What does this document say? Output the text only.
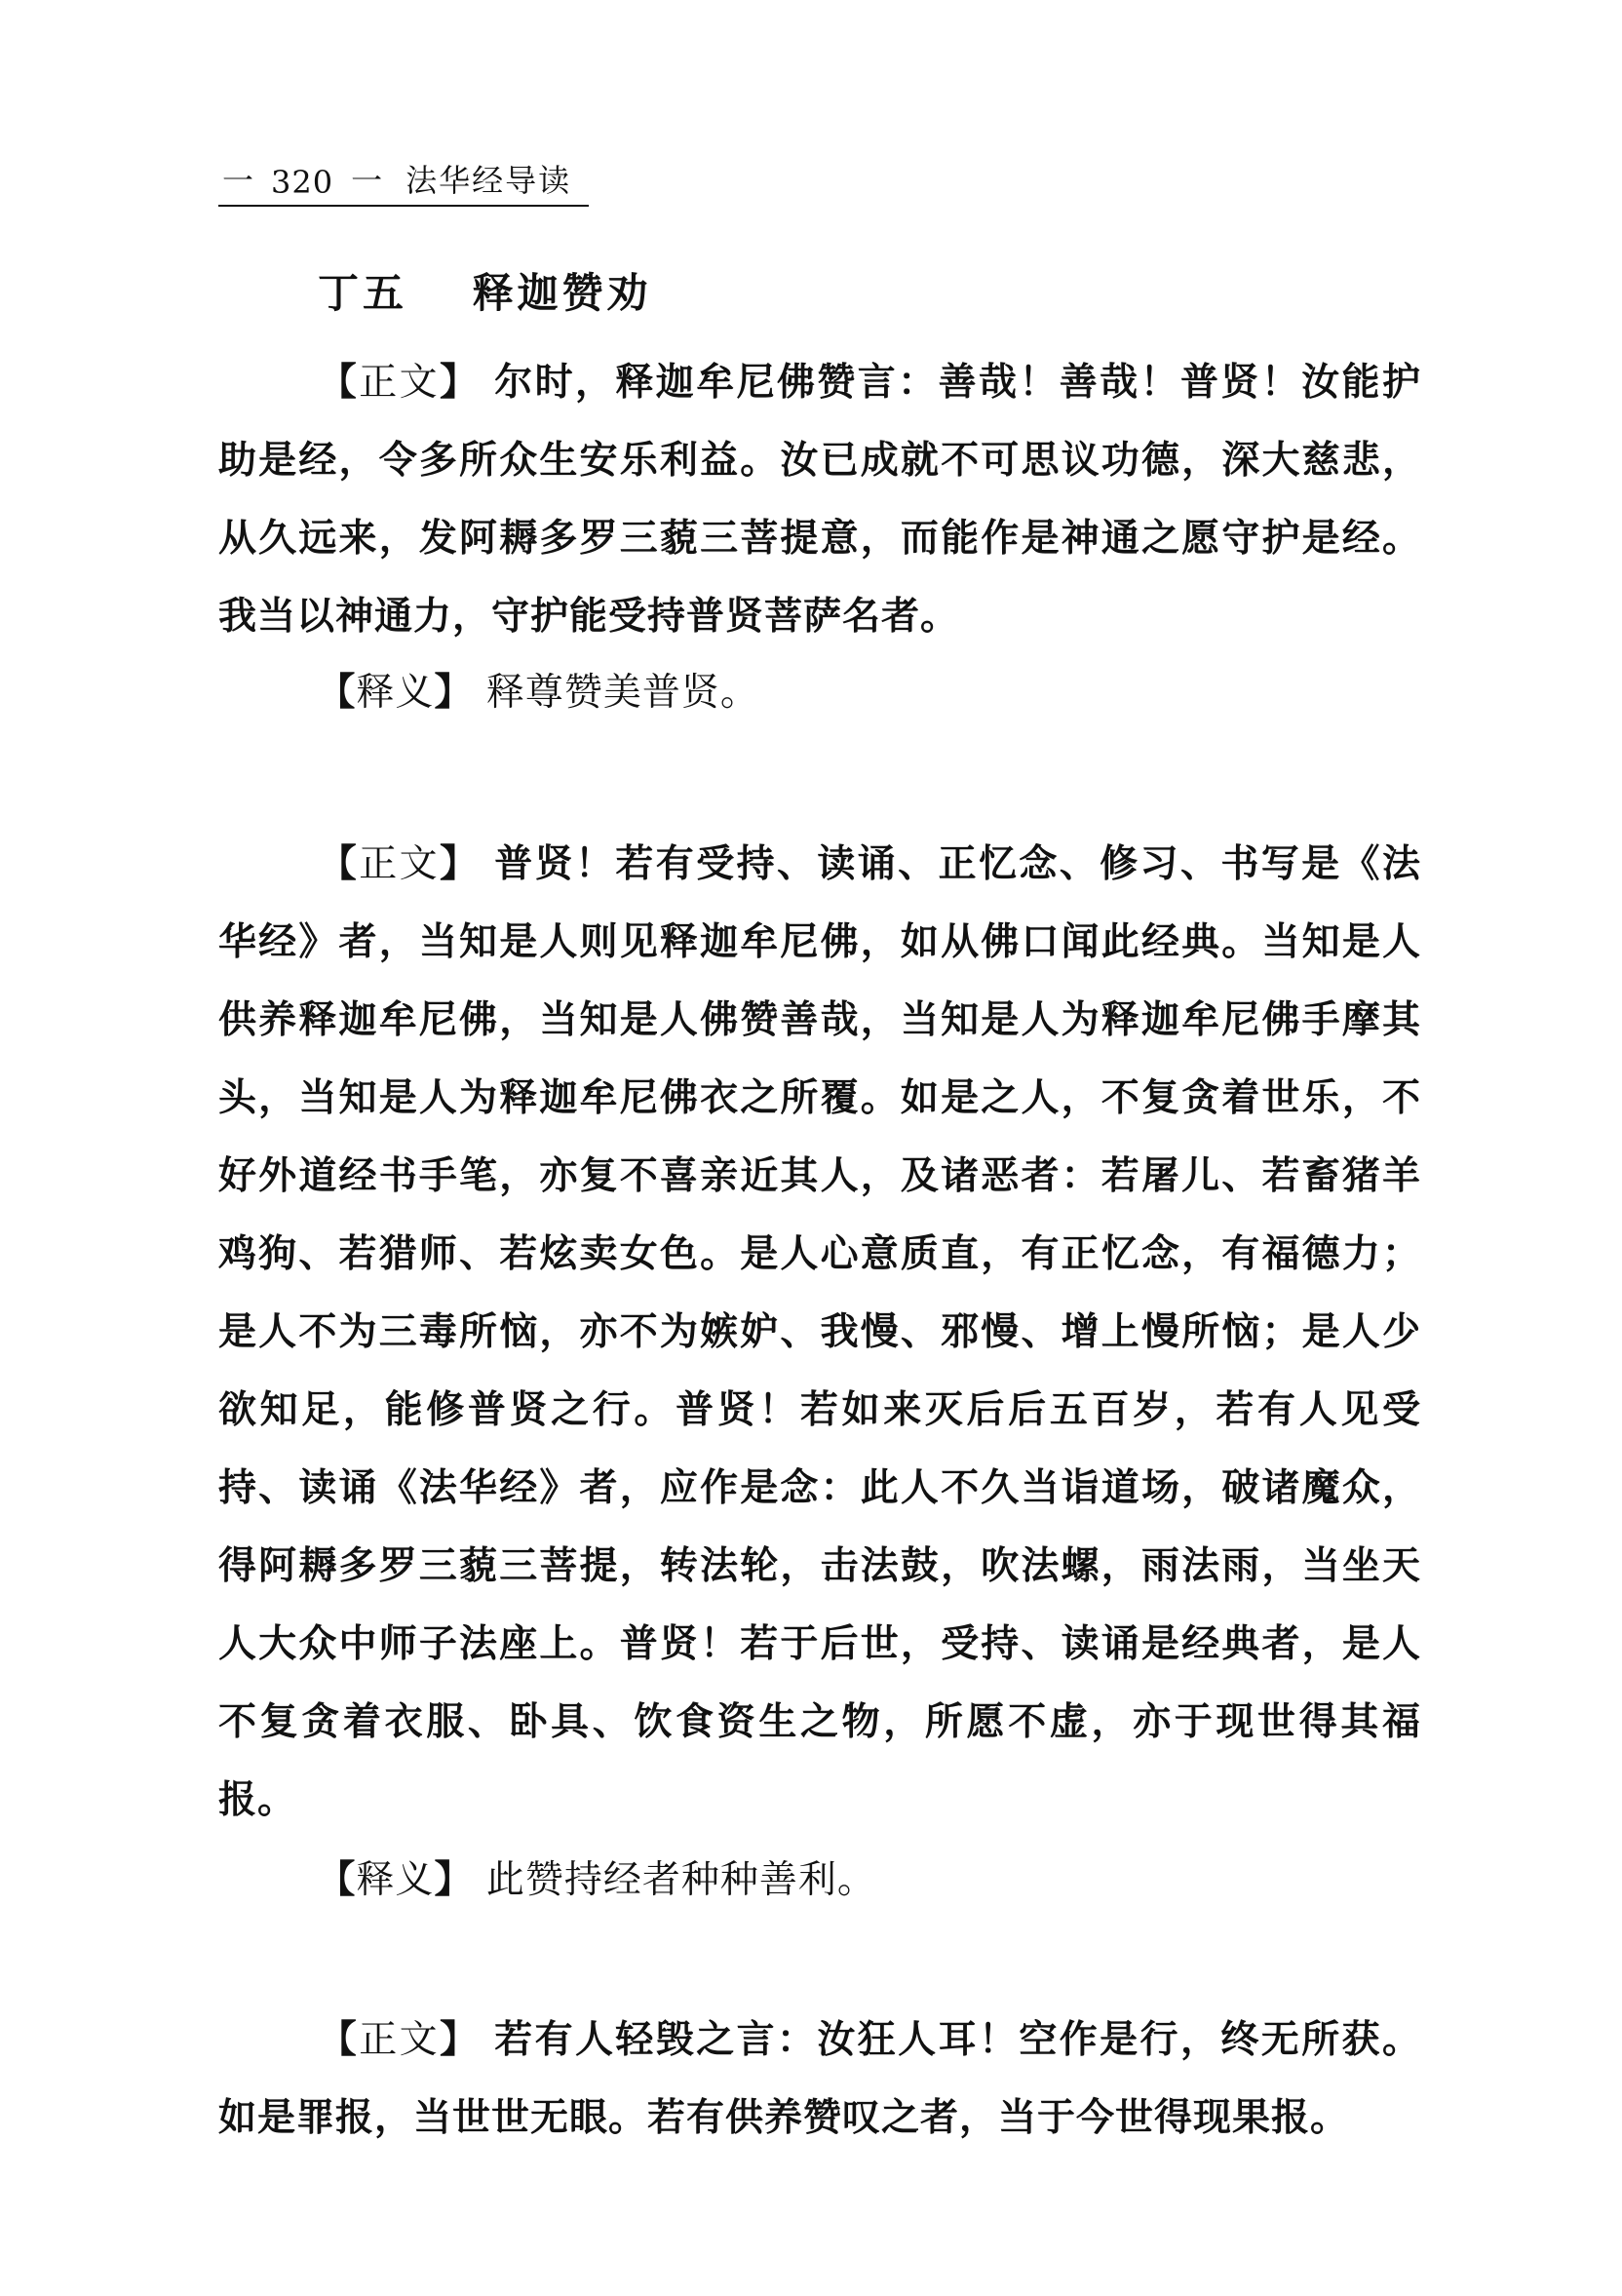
一 320 一 法华经导读
丁五 释迦赞劝
【正文】 尔时，释迦牟尼佛赞言：善哉！善哉！普贤！汝能护助是经，令多所众生安乐利益。汝已成就不可思议功德，深大慈悲，从久远来，发阿耨多罗三藐三菩提意，而能作是神通之愿守护是经。我当以神通力，守护能受持普贤菩萨名者。
【释义】 释尊赞美普贤。
【正文】 普贤！若有受持、读诵、正忆念、修习、书写是《法华经》者，当知是人则见释迦牟尼佛，如从佛口闻此经典。当知是人供养释迦牟尼佛，当知是人佛赞善哉，当知是人为释迦牟尼佛手摩其头，当知是人为释迦牟尼佛衣之所覆。如是之人，不复贪着世乐，不好外道经书手笔，亦复不喜亲近其人，及诸恶者：若屠儿、若畜猪羊鸡狗、若猎师、若炫卖女色。是人心意质直，有正忆念，有福德力；是人不为三毒所恼，亦不为嫉妒、我慢、邪慢、增上慢所恼；是人少欲知足，能修普贤之行。普贤！若如来灭后后五百岁，若有人见受持、读诵《法华经》者，应作是念：此人不久当诣道场，破诸魔众，得阿耨多罗三藐三菩提，转法轮，击法鼓，吹法螺，雨法雨，当坐天人大众中师子法座上。普贤！若于后世，受持、读诵是经典者，是人不复贪着衣服、卧具、饮食资生之物，所愿不虚，亦于现世得其福报。
【释义】 此赞持经者种种善利。
【正文】 若有人轻毁之言：汝狂人耳！空作是行，终无所获。如是罪报，当世世无眼。若有供养赞叹之者，当于今世得现果报。
